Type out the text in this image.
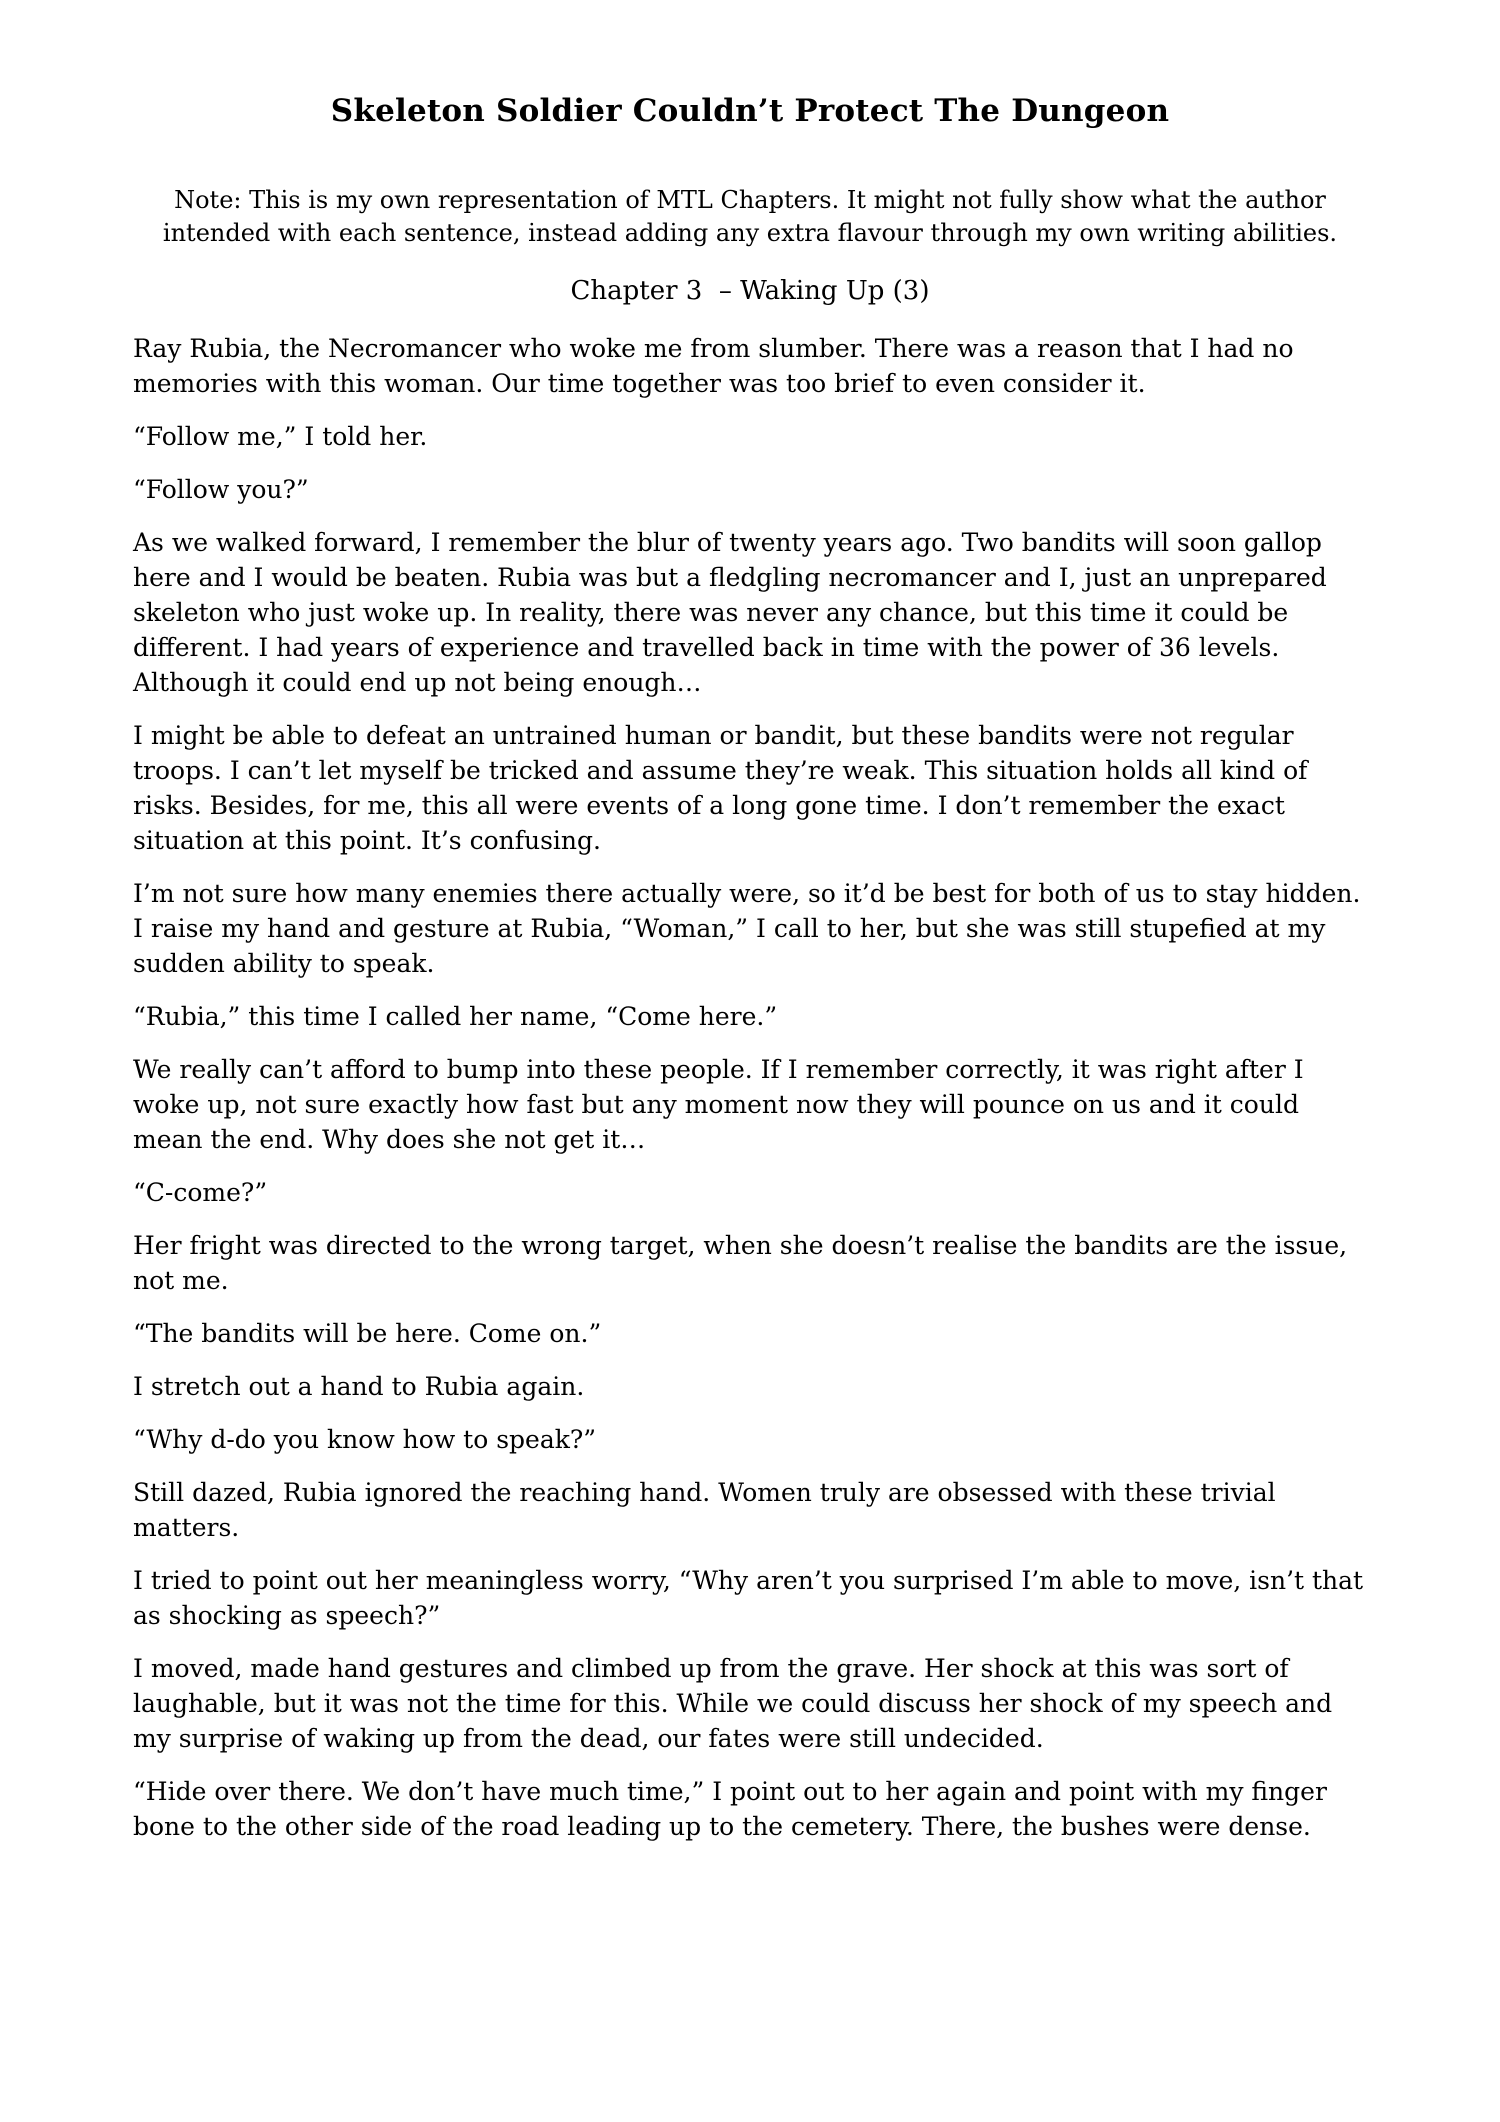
Skeleton Soldier Couldn’t Protect The Dungeon
Note: This is my own representation of MTL Chapters. It might not fully show what the author intended with each sentence, instead adding any extra flavour through my own writing abilities.
Chapter 3  – Waking Up (3)

Ray Rubia, the Necromancer who woke me from slumber. There was a reason that I had no memories with this woman. Our time together was too brief to even consider it.

“Follow me,” I told her.

“Follow you?”

As we walked forward, I remember the blur of twenty years ago. Two bandits will soon gallop here and I would be beaten. Rubia was but a fledgling necromancer and I, just an unprepared skeleton who just woke up. In reality, there was never any chance, but this time it could be different. I had years of experience and travelled back in time with the power of 36 levels. Although it could end up not being enough…

I might be able to defeat an untrained human or bandit, but these bandits were not regular troops. I can’t let myself be tricked and assume they’re weak. This situation holds all kind of risks. Besides, for me, this all were events of a long gone time. I don’t remember the exact situation at this point. It’s confusing.

I’m not sure how many enemies there actually were, so it’d be best for both of us to stay hidden. I raise my hand and gesture at Rubia, “Woman,” I call to her, but she was still stupefied at my sudden ability to speak.

“Rubia,” this time I called her name, “Come here.”

We really can’t afford to bump into these people. If I remember correctly, it was right after I woke up, not sure exactly how fast but any moment now they will pounce on us and it could mean the end. Why does she not get it…

“C-come?”

Her fright was directed to the wrong target, when she doesn’t realise the bandits are the issue, not me.

“The bandits will be here. Come on.”

I stretch out a hand to Rubia again.

“Why d-do you know how to speak?”

Still dazed, Rubia ignored the reaching hand. Women truly are obsessed with these trivial matters.

I tried to point out her meaningless worry, “Why aren’t you surprised I’m able to move, isn’t that as shocking as speech?”

I moved, made hand gestures and climbed up from the grave. Her shock at this was sort of laughable, but it was not the time for this. While we could discuss her shock of my speech and my surprise of waking up from the dead, our fates were still undecided.

“Hide over there. We don’t have much time,” I point out to her again and point with my finger bone to the other side of the road leading up to the cemetery. There, the bushes were dense.
